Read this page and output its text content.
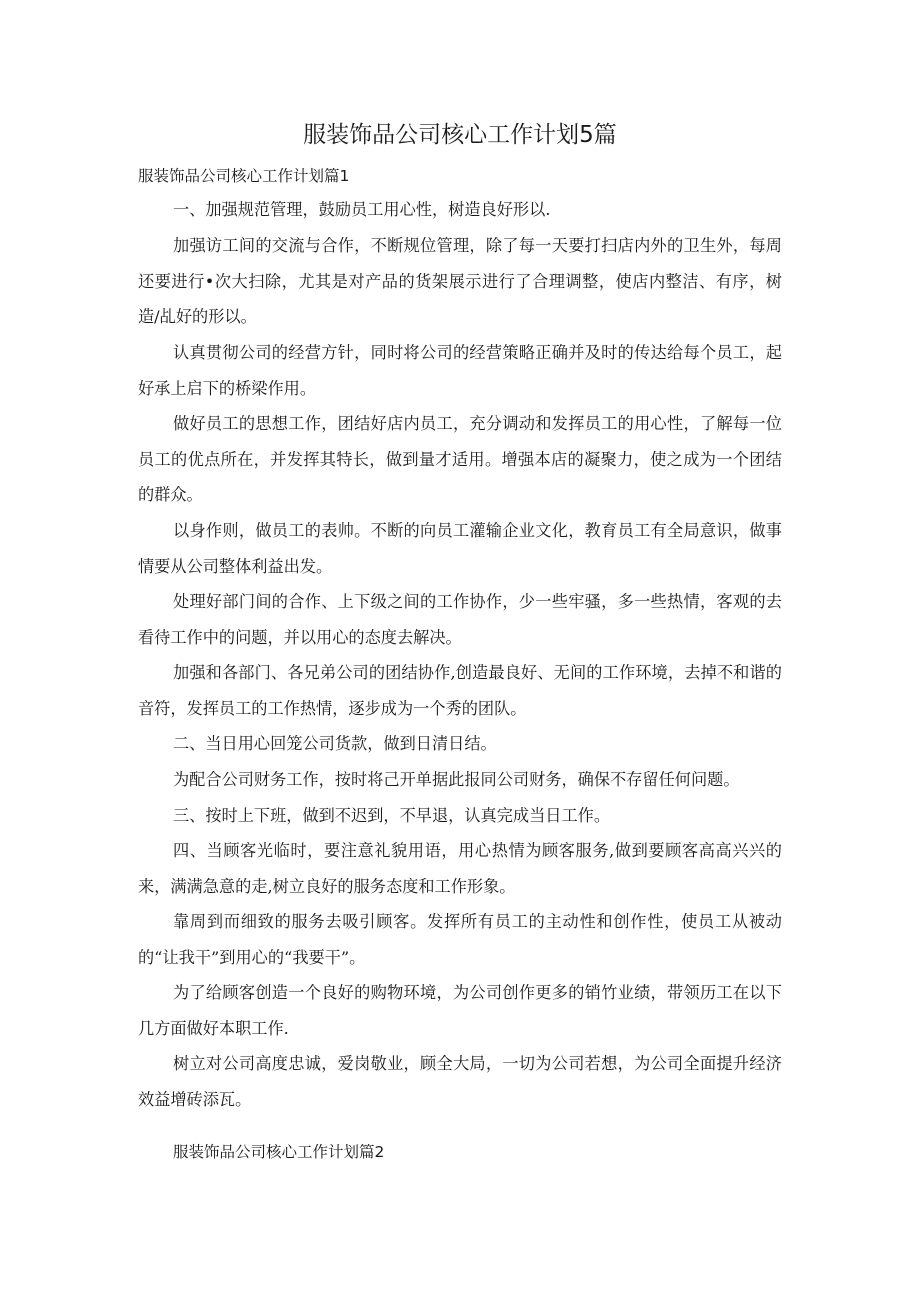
服装饰品公司核心工作计划5篇
服装饰品公司核心工作计划篇1

一、加强规范管理，鼓励员工用心性，树造良好形以.

加强访工间的交流与合作，不断规位管理，除了每一天要打扫店内外的卫生外，每周还要进行•次大扫除，尤其是对产品的货架展示进行了合理调整，使店内整洁、有序，树造/乩好的形以。

认真贯彻公司的经营方针，同时将公司的经营策略正确并及时的传达给每个员工，起好承上启下的桥梁作用。

做好员工的思想工作，团结好店内员工，充分调动和发挥员工的用心性，了解每一位员工的优点所在，并发挥其特长，做到量才适用。增强本店的凝聚力，使之成为一个团结的群众。

以身作则，做员工的表帅。不断的向员工灌输企业文化，教育员工有全局意识，做事情要从公司整体利益出发。

处理好部门间的合作、上下级之间的工作协作，少一些牢骚，多一些热情，客观的去看待工作中的问题，并以用心的态度去解决。

加强和各部门、各兄弟公司的团结协作,创造最良好、无间的工作环境，去掉不和谐的音符，发挥员工的工作热情，逐步成为一个秀的团队。

二、当日用心回笼公司货款，做到日清日结。

为配合公司财务工作，按时将己开单据此报同公司财务，确保不存留任何问题。

三、按时上下班，做到不迟到，不早退，认真完成当日工作。

四、当顾客光临时，要注意礼貌用语，用心热情为顾客服务,做到要顾客高高兴兴的来，满满急意的走,树立良好的服务态度和工作形象。

靠周到而细致的服务去吸引顾客。发挥所有员工的主动性和创作性，使员工从被动的“让我干”到用心的“我要干”。

为了给顾客创造一个良好的购物环境，为公司创作更多的销竹业绩，带领历工在以下几方面做好本职工作.

树立对公司高度忠诚，爱岗敬业，顾全大局，一切为公司若想，为公司全面提升经济效益增砖添瓦。

服装饰品公司核心工作计划篇2
